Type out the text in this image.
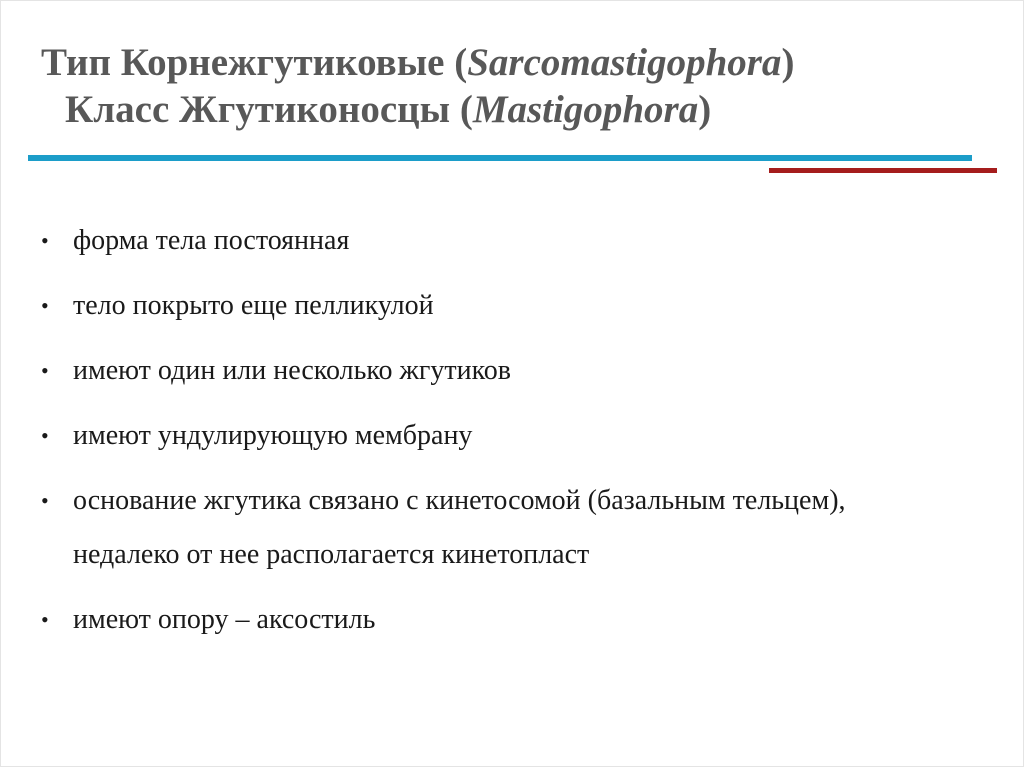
Тип Корнежгутиковые (Sarcomastigophora)
Класс Жгутиконосцы (Mastigophora)
• форма тела постоянная
• тело покрыто еще пелликулой
• имеют один или несколько жгутиков
• имеют ундулирующую мембрану
• основание жгутика связано с кинетосомой (базальным тельцем), недалеко от нее располагается кинетопласт
• имеют опору – аксостиль
